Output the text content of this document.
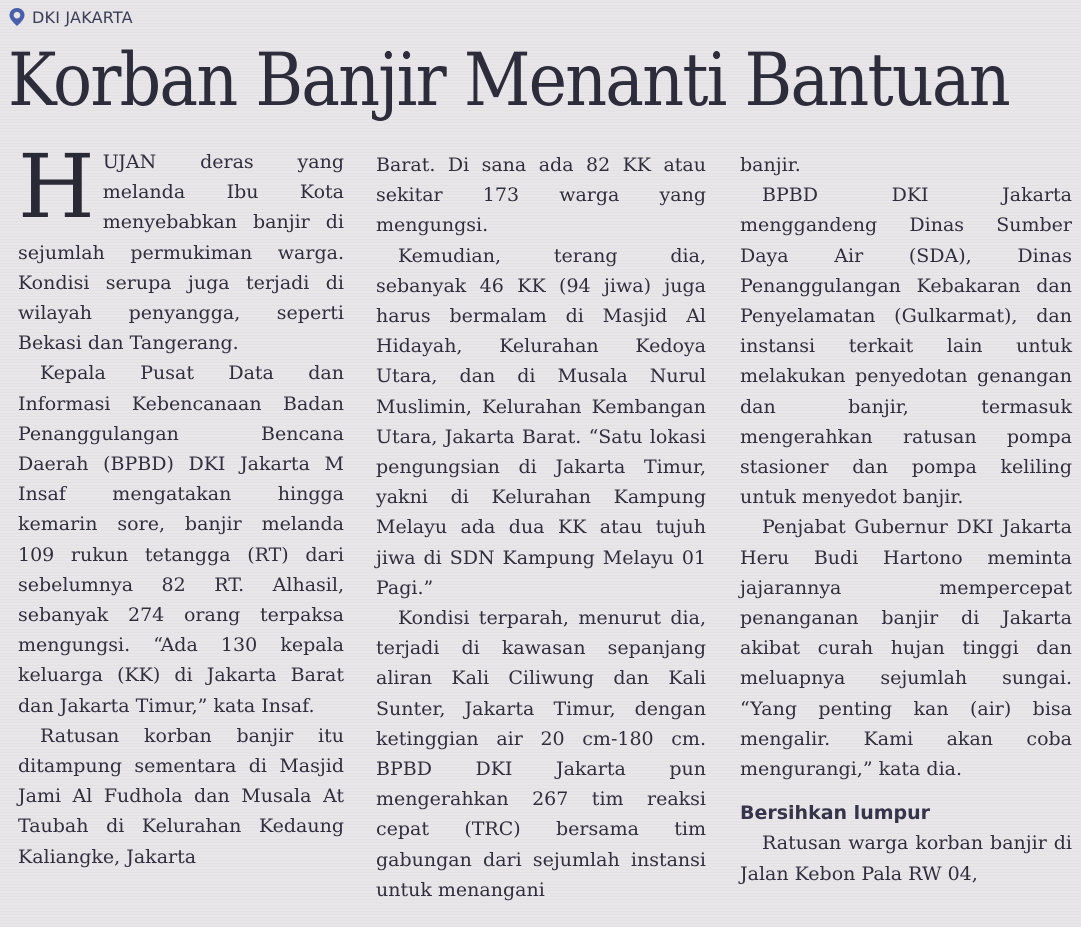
DKI JAKARTA
Korban Banjir Menanti Bantuan

HUJAN deras yang melanda Ibu Kota menyebabkan banjir di sejumlah permukiman warga. Kondisi serupa juga terjadi di wilayah penyangga, seperti Bekasi dan Tangerang.

Kepala Pusat Data dan Informasi Kebencanaan Badan Penanggulangan Bencana Daerah (BPBD) DKI Jakarta M Insaf mengatakan hingga kemarin sore, banjir melanda 109 rukun tetangga (RT) dari sebelumnya 82 RT. Alhasil, sebanyak 274 orang terpaksa mengungsi. “Ada 130 kepala keluarga (KK) di Jakarta Barat dan Jakarta Timur,” kata Insaf.

Ratusan korban banjir itu ditampung sementara di Masjid Jami Al Fudhola dan Musala At Taubah di Kelurahan Kedaung Kaliangke, Jakarta

Barat. Di sana ada 82 KK atau sekitar 173 warga yang mengungsi.

Kemudian, terang dia, sebanyak 46 KK (94 jiwa) juga harus bermalam di Masjid Al Hidayah, Kelurahan Kedoya Utara, dan di Musala Nurul Muslimin, Kelurahan Kembangan Utara, Jakarta Barat. “Satu lokasi pengungsian di Jakarta Timur, yakni di Kelurahan Kampung Melayu ada dua KK atau tujuh jiwa di SDN Kampung Melayu 01 Pagi.”

Kondisi terparah, menurut dia, terjadi di kawasan sepanjang aliran Kali Ciliwung dan Kali Sunter, Jakarta Timur, dengan ketinggian air 20 cm-180 cm. BPBD DKI Jakarta pun mengerahkan 267 tim reaksi cepat (TRC) bersama tim gabungan dari sejumlah instansi untuk menangani

banjir.

BPBD DKI Jakarta menggandeng Dinas Sumber Daya Air (SDA), Dinas Penanggulangan Kebakaran dan Penyelamatan (Gulkarmat), dan instansi terkait lain untuk melakukan penyedotan genangan dan banjir, termasuk mengerahkan ratusan pompa stasioner dan pompa keliling untuk menyedot banjir.

Penjabat Gubernur DKI Jakarta Heru Budi Hartono meminta jajarannya mempercepat penanganan banjir di Jakarta akibat curah hujan tinggi dan meluapnya sejumlah sungai. “Yang penting kan (air) bisa mengalir. Kami akan coba mengurangi,” kata dia.

Bersihkan lumpur

Ratusan warga korban banjir di Jalan Kebon Pala RW 04,
